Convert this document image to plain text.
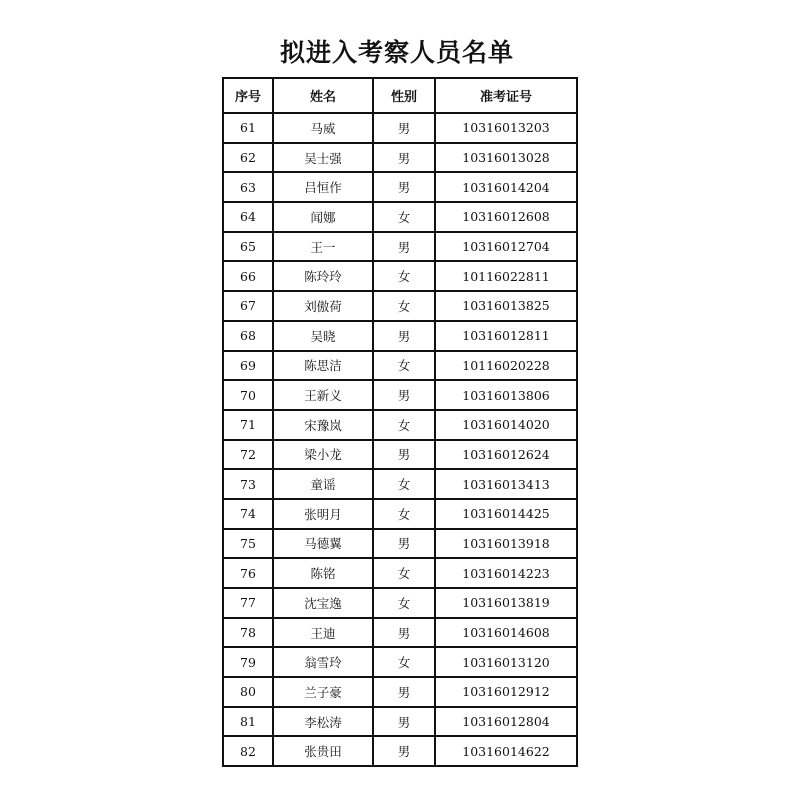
拟进入考察人员名单
序号	姓名	性别	准考证号
61	马威	男	10316013203
62	吴士强	男	10316013028
63	吕恒作	男	10316014204
64	闻娜	女	10316012608
65	王一	男	10316012704
66	陈玲玲	女	10116022811
67	刘傲荷	女	10316013825
68	吴晓	男	10316012811
69	陈思洁	女	10116020228
70	王新义	男	10316013806
71	宋豫岚	女	10316014020
72	梁小龙	男	10316012624
73	童谣	女	10316013413
74	张明月	女	10316014425
75	马德翼	男	10316013918
76	陈铭	女	10316014223
77	沈宝逸	女	10316013819
78	王迪	男	10316014608
79	翁雪玲	女	10316013120
80	兰子豪	男	10316012912
81	李松涛	男	10316012804
82	张贵田	男	10316014622
